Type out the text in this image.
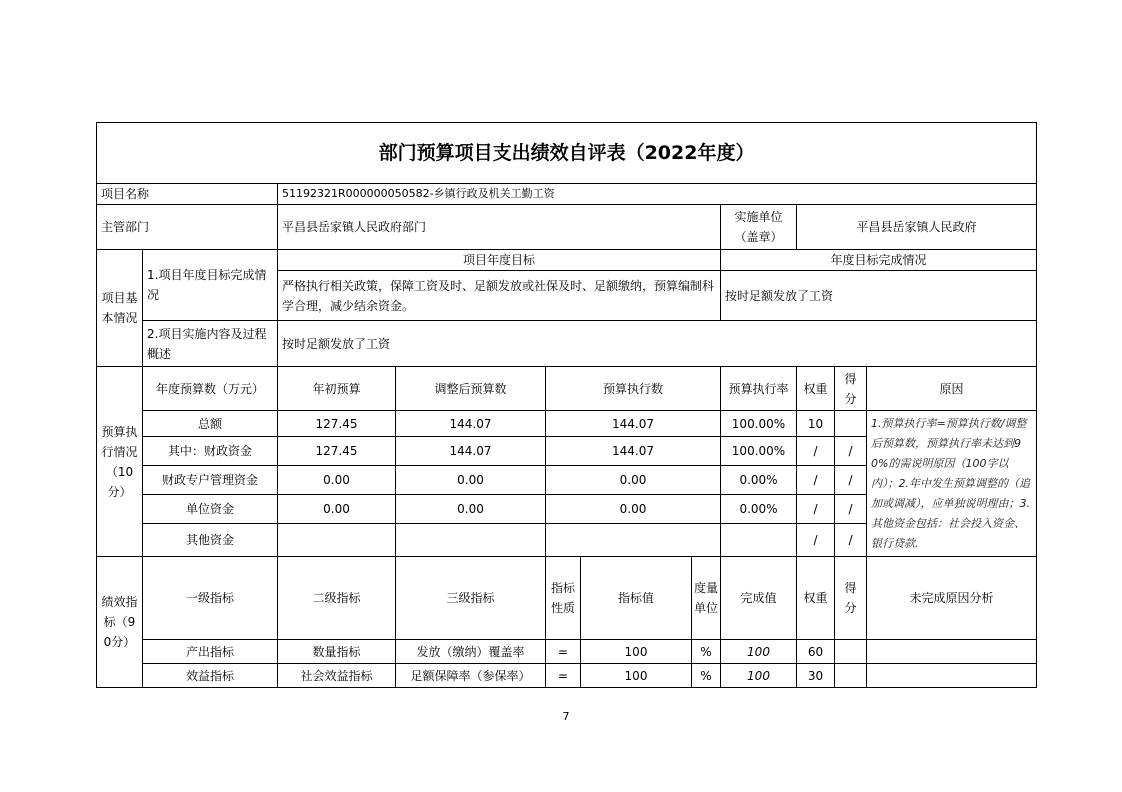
部门预算项目支出绩效自评表（2022年度）										
项目名称		51192321R000000050582-乡镇行政及机关工勤工资								
主管部门		平昌县岳家镇人民政府部门					实施单位（盖章）	平昌县岳家镇人民政府		
项目基本情况	1.项目年度目标完成情况	项目年度目标					年度目标完成情况			
		严格执行相关政策，保障工资及时、足额发放或社保及时、足额缴纳，预算编制科学合理，减少结余资金。					按时足额发放了工资			
	2.项目实施内容及过程概述	按时足额发放了工资								
预算执行情况（10分）	年度预算数（万元）	年初预算	调整后预算数	预算执行数			预算执行率	权重	得分	原因
	总额	127.45	144.07	144.07			100.00%	10		1.预算执行率=预算执行数/调整后预算数，预算执行率未达到90%的需说明原因（100字以内）；2.年中发生预算调整的（追加或调减），应单独说明理由；3.其他资金包括：社会投入资金、银行贷款.
	其中：财政资金	127.45	144.07	144.07			100.00%	/	/	
	财政专户管理资金	0.00	0.00	0.00			0.00%	/	/	
	单位资金	0.00	0.00	0.00			0.00%	/	/	
	其他资金							/	/	
绩效指标（90分）	一级指标	二级指标	三级指标	指标性质	指标值	度量单位	完成值	权重	得分	未完成原因分析
	产出指标	数量指标	发放（缴纳）覆盖率	=	100	%	100	60		
	效益指标	社会效益指标	足额保障率（参保率）	=	100	%	100	30		
7
